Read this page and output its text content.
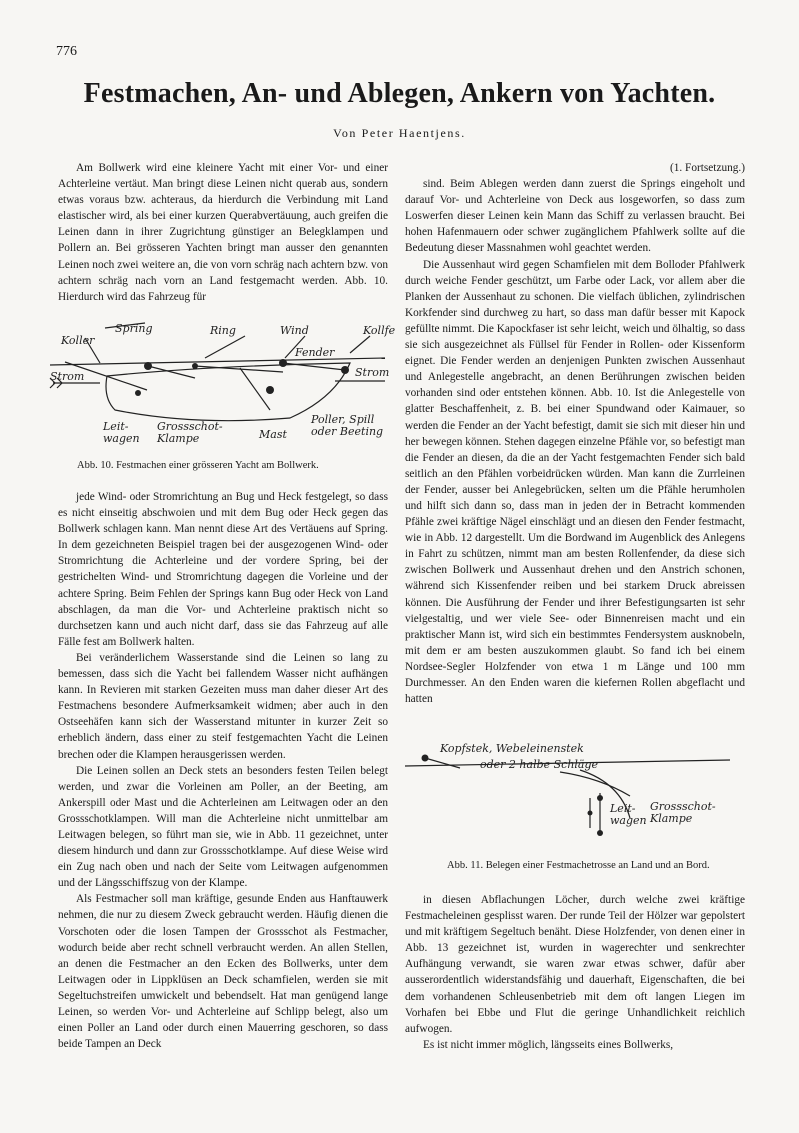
776
Festmachen, An- und Ablegen, Ankern von Yachten.
Von Peter Haentjens.

Am Bollwerk wird eine kleinere Yacht mit einer Vor- und einer Achterleine vertäut. Man bringt diese Leinen nicht querab aus, sondern etwas voraus bzw. achteraus, da hierdurch die Verbindung mit Land elastischer wird, als bei einer kurzen Querabvertäuung, auch greifen die Leinen dann in ihrer Zugrichtung günstiger an Belegklampen und Pollern an. Bei grösseren Yachten bringt man ausser den genannten Leinen noch zwei weitere an, die von vorn schräg nach achtern bzw. von achtern schräg nach vorn an Land festgemacht werden. Abb. 10. Hierdurch wird das Fahrzeug für

Koller
Spring	Ring	Wind
Fender
Kollfe
Strom	Strom
Leit-wagen
Grossschot-Klampe	Mast
Poller, Spill oder Beeting
Abb. 10. Festmachen einer grösseren Yacht am Bollwerk.

jede Wind- oder Stromrichtung an Bug und Heck festgelegt, so dass es nicht einseitig abschwoien und mit dem Bug oder Heck gegen das Bollwerk schlagen kann. Man nennt diese Art des Vertäuens auf Spring. In dem gezeichneten Beispiel tragen bei der ausgezogenen Wind- oder Stromrichtung die Achterleine und der vordere Spring, bei der gestrichelten Wind- und Stromrichtung dagegen die Vorleine und der achtere Spring. Beim Fehlen der Springs kann Bug oder Heck von Land abschlagen, da man die Vor- und Achterleine praktisch nicht so durchsetzen kann und auch nicht darf, dass sie das Fahrzeug auf alle Fälle fest am Bollwerk halten.

Bei veränderlichem Wasserstande sind die Leinen so lang zu bemessen, dass sich die Yacht bei fallendem Wasser nicht aufhängen kann. In Revieren mit starken Gezeiten muss man daher dieser Art des Festmachens besondere Aufmerksamkeit widmen; aber auch in den Ostseehäfen kann sich der Wasserstand mitunter in kurzer Zeit so erheblich ändern, dass einer zu steif festgemachten Yacht die Leinen brechen oder die Klampen herausgerissen werden.

Die Leinen sollen an Deck stets an besonders festen Teilen belegt werden, und zwar die Vorleinen am Poller, an der Beeting, am Ankerspill oder Mast und die Achterleinen am Leitwagen oder an den Grossschotklampen. Will man die Achterleine nicht unmittelbar am Leitwagen belegen, so führt man sie, wie in Abb. 11 gezeichnet, unter diesem hindurch und dann zur Grossschotklampe. Auf diese Weise wird ein Zug nach oben und nach der Seite vom Leitwagen aufgenommen und der Längsschiffszug von der Klampe.

Als Festmacher soll man kräftige, gesunde Enden aus Hanftauwerk nehmen, die nur zu diesem Zweck gebraucht werden. Häufig dienen die Vorschoten oder die losen Tampen der Grossschot als Festmacher, wodurch beide aber recht schnell verbraucht werden. An allen Stellen, an denen die Festmacher an den Ecken des Bollwerks, unter dem Leitwagen oder in Lippklüsen an Deck schamfielen, werden sie mit Segeltuchstreifen umwickelt und bebendselt. Hat man genügend lange Leinen, so werden Vor- und Achterleine auf Schlipp belegt, also um einen Poller an Land oder durch einen Mauerring geschoren, so dass beide Tampen an Deck

(1. Fortsetzung.)

sind. Beim Ablegen werden dann zuerst die Springs eingeholt und darauf Vor- und Achterleine von Deck aus losgeworfen, so dass zum Loswerfen dieser Leinen kein Mann das Schiff zu verlassen braucht. Bei hohen Hafenmauern oder schwer zugänglichem Pfahlwerk sollte auf die Bedeutung dieser Massnahmen wohl geachtet werden.

Die Aussenhaut wird gegen Schamfielen mit dem Bolloder Pfahlwerk durch weiche Fender geschützt, um Farbe oder Lack, vor allem aber die Planken der Aussenhaut zu schonen. Die vielfach üblichen, zylindrischen Korkfender sind durchweg zu hart, so dass man dafür besser mit Kapock gefüllte nimmt. Die Kapockfaser ist sehr leicht, weich und ölhaltig, so dass sie sich ausgezeichnet als Füllsel für Fender in Rollen- oder Kissenform eignet. Die Fender werden an denjenigen Punkten zwischen Aussenhaut und Anlegestelle angebracht, an denen Berührungen zwischen beiden vorhanden sind oder entstehen können. Abb. 10. Ist die Anlegestelle von glatter Beschaffenheit, z. B. bei einer Spundwand oder Kaimauer, so werden die Fender an der Yacht befestigt, damit sie sich mit dieser hin und her bewegen können. Stehen dagegen einzelne Pfähle vor, so befestigt man die Fender an diesen, da die an der Yacht festgemachten Fender sich bald seitlich an den Pfählen vorbeidrücken würden. Man kann die Zurrleinen der Fender, ausser bei Anlegebrücken, selten um die Pfähle herumholen und hilft sich dann so, dass man in jeden der in Betracht kommenden Pfähle zwei kräftige Nägel einschlägt und an diesen den Fender festmacht, wie in Abb. 12 dargestellt. Um die Bordwand im Augenblick des Anlegens in Fahrt zu schützen, nimmt man am besten Rollenfender, da diese sich zwischen Bollwerk und Aussenhaut drehen und den Anstrich schonen, während sich Kissenfender reiben und bei starkem Druck abreissen können. Die Ausführung der Fender und ihrer Befestigungsarten ist sehr vielgestaltig, und wer viele See- oder Binnenreisen macht und ein praktischer Mann ist, wird sich ein bestimmtes Fendersystem ausknobeln, mit dem er am besten auszukommen glaubt. So fand ich bei einem Nordsee-Segler Holzfender von etwa 1 m Länge und 100 mm Durchmesser. An den Enden waren die kiefernen Rollen abgeflacht und hatten

Kopfstek, Webeleinenstek
oder 2 halbe Schläge
Leit-wagen
Grossschot-Klampe
Abb. 11. Belegen einer Festmachetrosse an Land und an Bord.

in diesen Abflachungen Löcher, durch welche zwei kräftige Festmacheleinen gesplisst waren. Der runde Teil der Hölzer war gepolstert und mit kräftigem Segeltuch benäht. Diese Holzfender, von denen einer in Abb. 13 gezeichnet ist, wurden in wagerechter und senkrechter Aufhängung verwandt, sie waren zwar etwas schwer, dafür aber ausserordentlich widerstandsfähig und dauerhaft, Eigenschaften, die bei dem vorhandenen Schleusenbetrieb mit dem oft langen Liegen im Vorhafen bei Ebbe und Flut die geringe Unhandlichkeit reichlich aufwogen.

Es ist nicht immer möglich, längsseits eines Bollwerks,
